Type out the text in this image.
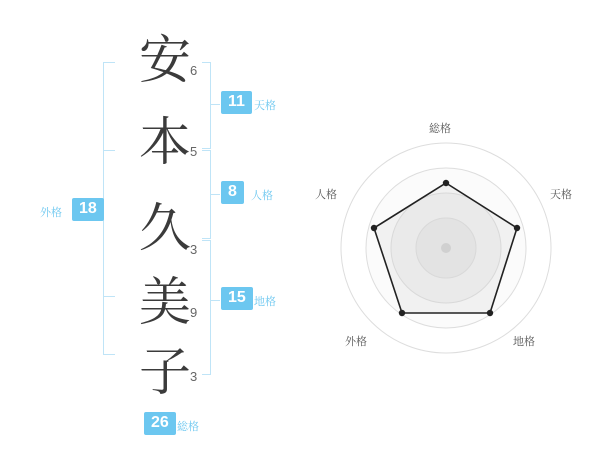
外格	18
安
本
久
美
子
6
5
3
9
3
11 天格
8	人格
15 地格
26 総格
総格
天格
地格
外格
人格
